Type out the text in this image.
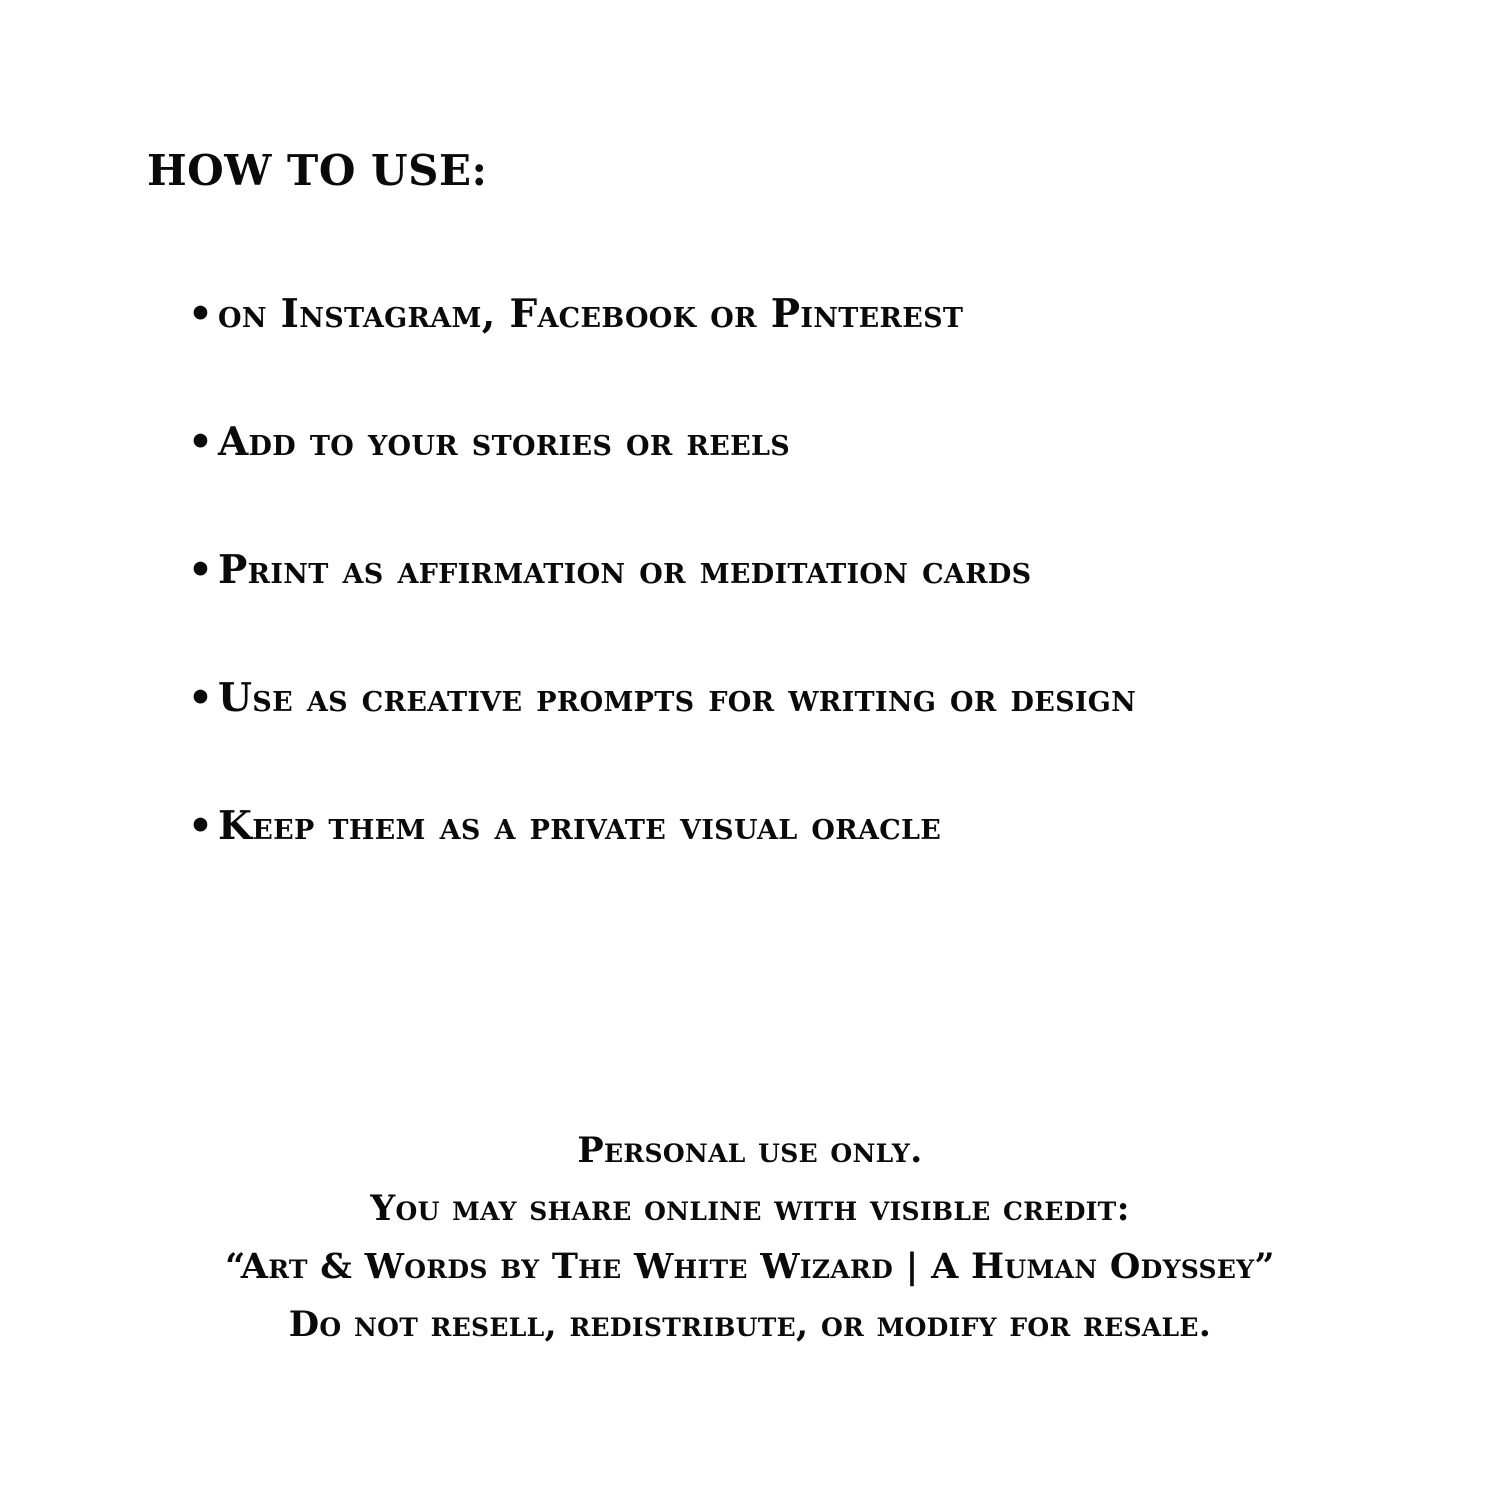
HOW TO USE:
• on Instagram, Facebook or Pinterest
• Add to your stories or reels
• Print as affirmation or meditation cards
• Use as creative prompts for writing or design
• Keep them as a private visual oracle
Personal use only.
You may share online with visible credit:
“Art & Words by The White Wizard | A Human Odyssey”
Do not resell, redistribute, or modify for resale.
